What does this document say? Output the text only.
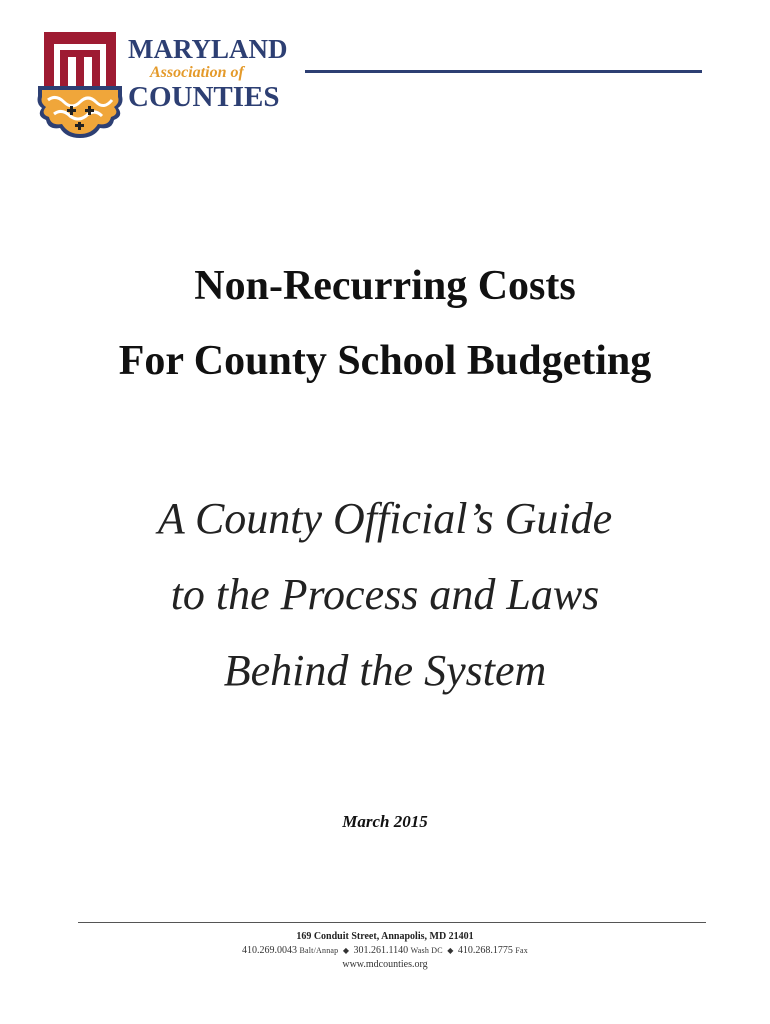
MARYLAND
Association of
COUNTIES
Non-Recurring Costs
For County School Budgeting
A County Official’s Guide
to the Process and Laws
Behind the System
March 2015
169 Conduit Street, Annapolis, MD 21401
410.269.0043 Balt/Annap ◆ 301.261.1140 Wash DC ◆ 410.268.1775 Fax
www.mdcounties.org
